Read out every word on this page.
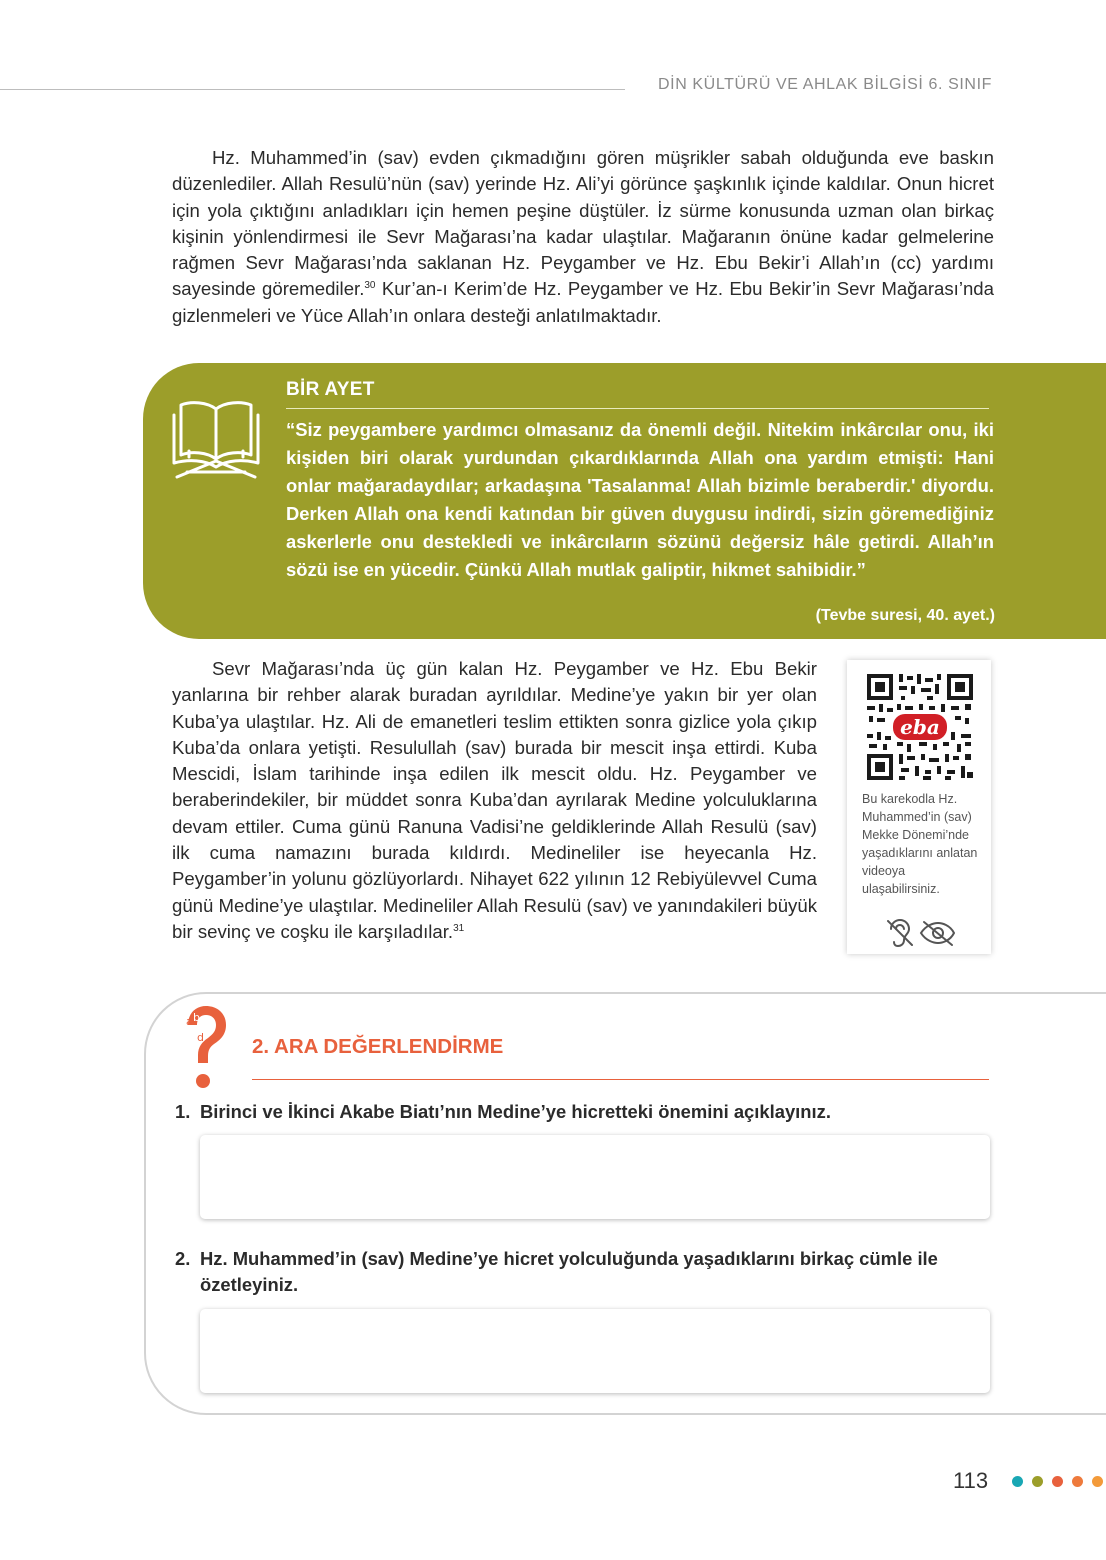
DİN KÜLTÜRÜ VE AHLAK BİLGİSİ 6. SINIF

Hz. Muhammed’in (sav) evden çıkmadığını gören müşrikler sabah olduğunda eve baskın düzenlediler. Allah Resulü’nün (sav) yerinde Hz. Ali’yi görünce şaşkınlık içinde kaldılar. Onun hicret için yola çıktığını anladıkları için hemen peşine düştüler. İz sürme konusunda uzman olan birkaç kişinin yönlendirmesi ile Sevr Mağarası’na kadar ulaştılar. Mağaranın önüne kadar gelmelerine rağmen Sevr Mağarası’nda saklanan Hz. Peygamber ve Hz. Ebu Bekir’i Allah’ın (cc) yardımı sayesinde göremediler.$^{30}$ Kur’an-ı Kerim’de Hz. Peygamber ve Hz. Ebu Bekir’in Sevr Mağarası’nda gizlenmeleri ve Yüce Allah’ın onlara desteği anlatılmaktadır.

BİR AYET

“Siz peygambere yardımcı olmasanız da önemli değil. Nitekim inkârcılar onu, iki kişiden biri olarak yurdundan çıkardıklarında Allah ona yardım etmişti: Hani onlar mağaradaydılar; arkadaşına 'Tasalanma! Allah bizimle beraberdir.' diyordu. Derken Allah ona kendi katından bir güven duygusu indirdi, sizin göremediğiniz askerlerle onu destekledi ve inkârcıların sözünü değersiz hâle getirdi. Allah’ın sözü ise en yücedir. Çünkü Allah mutlak galiptir, hikmet sahibidir.”

(Tevbe suresi, 40. ayet.)

Sevr Mağarası’nda üç gün kalan Hz. Peygamber ve Hz. Ebu Bekir yanlarına bir rehber alarak buradan ayrıldılar. Medine’ye yakın bir yer olan Kuba’ya ulaştılar. Hz. Ali de emanetleri teslim ettikten sonra gizlice yola çıkıp Kuba’da onlara yetişti. Resulullah (sav) burada bir mescit inşa ettirdi. Kuba Mescidi, İslam tarihinde inşa edilen ilk mescit oldu. Hz. Peygamber ve beraberindekiler, bir müddet sonra Kuba’dan ayrılarak Medine yolculuklarına devam ettiler. Cuma günü Ranuna Vadisi’ne geldiklerinde Allah Resulü (sav) ilk cuma namazını burada kıldırdı. Medineliler ise heyecanla Hz. Peygamber’in yolunu gözlüyorlardı. Nihayet 622 yılının 12 Rebiyülevvel Cuma günü Medine’ye ulaştılar. Medineliler Allah Resulü (sav) ve yanındakileri büyük bir sevinç ve coşku ile karşıladılar.$^{31}$

eba

Bu karekodla Hz. Muhammed’in (sav) Mekke Dönemi’nde yaşadıklarını anlatan videoya ulaşabilirsiniz.

a b
c
d 2. ARA DEĞERLENDİRME
1. Birinci ve İkinci Akabe Biatı’nın Medine’ye hicretteki önemini açıklayınız.

2. Hz. Muhammed’in (sav) Medine’ye hicret yolculuğunda yaşadıklarını birkaç cümle ile özetleyiniz.

113
